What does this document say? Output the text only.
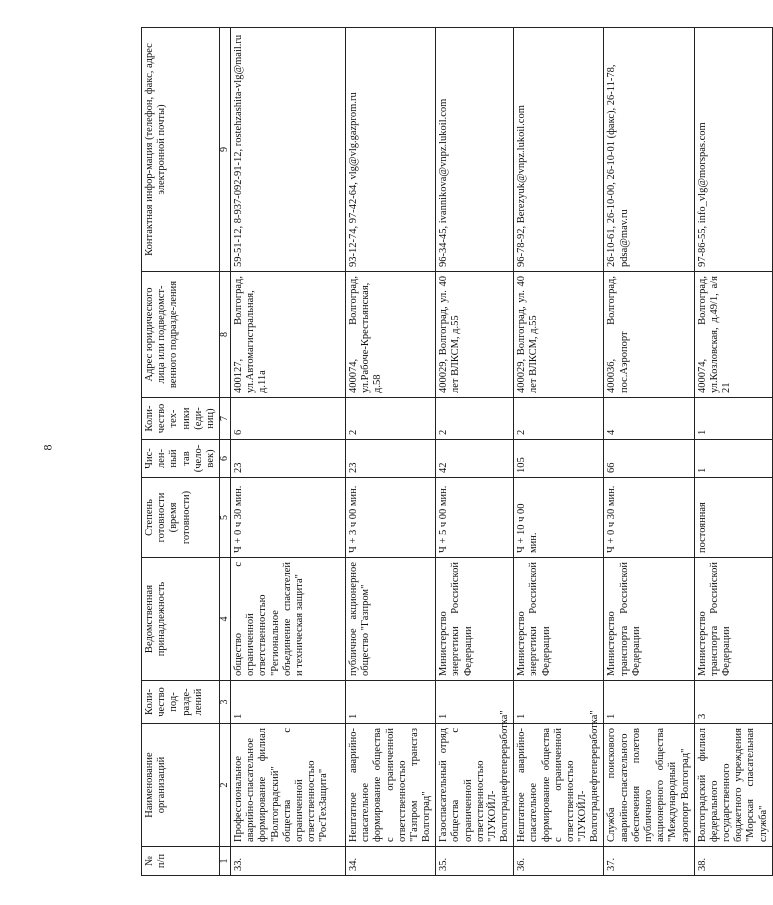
8
№ п/п	Наименование организаций	Коли-чество под-разде-лений	Ведомственная принадлежность	Степень готовности (время готовности)	Чис-лен-ный тав (чело-век)	Коли-чество тех-ники (еди-ниц)	Адрес юридического лица или подведомст-венного подразде-ления	Контактная инфор-мация (телефон, факс, адрес электронной почты)
1	2	3	4	5	6	7	8	9
33.	Профессиональное аварийно-спасательное формирование филиал "Волгоградский" общества с ограниченной ответственностью "РосТехЗащита"	1	общество с ограниченной ответственностью "Региональное объединение спасателей и техническая защита"	Ч + 0 ч 30 мин.	23	6	400127, Волгоград, ул.Автомагистральная, д.11а	59-51-12, 8-937-092-91-12, rostehzashita-vlg@mail.ru
34.	Нештатное аварийно-спасательное формирование общества с ограниченной ответственностью "Газпром трансгаз Волгоград"	1	публичное акционерное общество "Газпром"	Ч + 3 ч 00 мин.	23	2	400074, Волгоград, ул.Рабоче-Крестьянская, д.58	93-12-74, 97-42-64, vlg@vlg.gazprom.ru
35.	Газоспасательный отряд общества с ограниченной ответственностью "ЛУКОЙЛ-Волгограднефтепереработка"	1	Министерство энергетики Российской Федерации	Ч + 5 ч 00 мин.	42	2	400029, Волгоград, ул. 40 лет ВЛКСМ, д.55	96-34-45, ivannikova@vnpz.lukoil.com
36.	Нештатное аварийно-спасательное формирование общества с ограниченной ответственностью "ЛУКОЙЛ-Волгограднефтепереработка"	1	Министерство энергетики Российской Федерации	Ч + 10 ч 00 мин.	105	2	400029, Волгоград, ул. 40 лет ВЛКСМ, д.55	96-78-92, Berezyuk@vnpz.lukoil.com
37.	Служба поискового аварийно-спасательного обеспечения полетов публичного акционерного общества "Международный аэропорт Волгоград"	1	Министерство транспорта Российской Федерации	Ч + 0 ч 30 мин.	66	4	400036, Волгоград, пос.Аэропорт	26-10-61, 26-10-00, 26-10-01 (факс), 26-11-78, pdsa@mav.ru
38.	Волгоградский филиал федерального государственного бюджетного учреждения "Морская спасательная служба"	3	Министерство транспорта Российской Федерации	постоянная	1	1	400074, Волгоград, ул.Козловская, д.49/1, а/я 21	97-86-55, info_vlg@morspas.com
